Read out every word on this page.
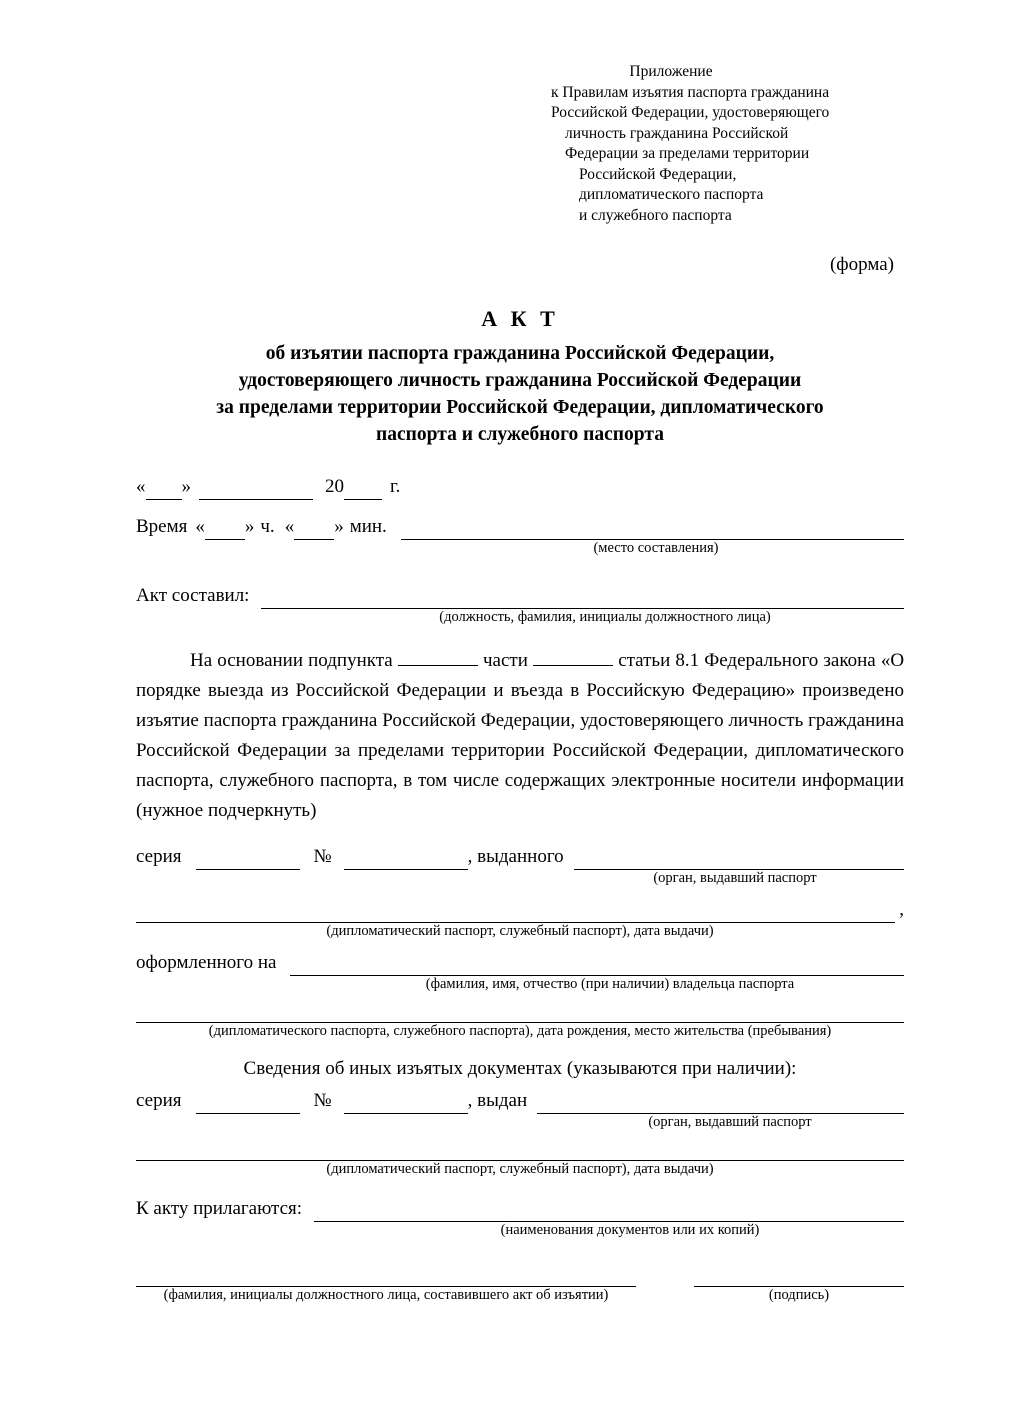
Приложение
к Правилам изъятия паспорта гражданина
Российской Федерации, удостоверяющего
личность гражданина Российской
Федерации за пределами территории
Российской Федерации,
дипломатического паспорта
и служебного паспорта
(форма)
А К Т
об изъятии паспорта гражданина Российской Федерации,
удостоверяющего личность гражданина Российской Федерации
за пределами территории Российской Федерации, дипломатического
паспорта и служебного паспорта
« »	20 г.
Время « » ч. « » мин.
(место составления)
Акт составил:
(должность, фамилия, инициалы должностного лица)
На основании подпункта	части	статьи 8.1 Федерального закона «О порядке выезда из Российской Федерации и въезда в Российскую Федерацию» произведено изъятие паспорта гражданина Российской Федерации, удостоверяющего личность гражданина Российской Федерации за пределами территории Российской Федерации, дипломатического паспорта, служебного паспорта, в том числе содержащих электронные носители информации (нужное подчеркнуть)
серия	№	, выданного
(орган, выдавший паспорт
,
(дипломатический паспорт, служебный паспорт), дата выдачи)
оформленного на
(фамилия, имя, отчество (при наличии) владельца паспорта
(дипломатического паспорта, служебного паспорта), дата рождения, место жительства (пребывания)
Сведения об иных изъятых документах (указываются при наличии):
серия	№	, выдан
(орган, выдавший паспорт
(дипломатический паспорт, служебный паспорт), дата выдачи)
К акту прилагаются:
(наименования документов или их копий)
(фамилия, инициалы должностного лица, составившего акт об изъятии)	(подпись)
